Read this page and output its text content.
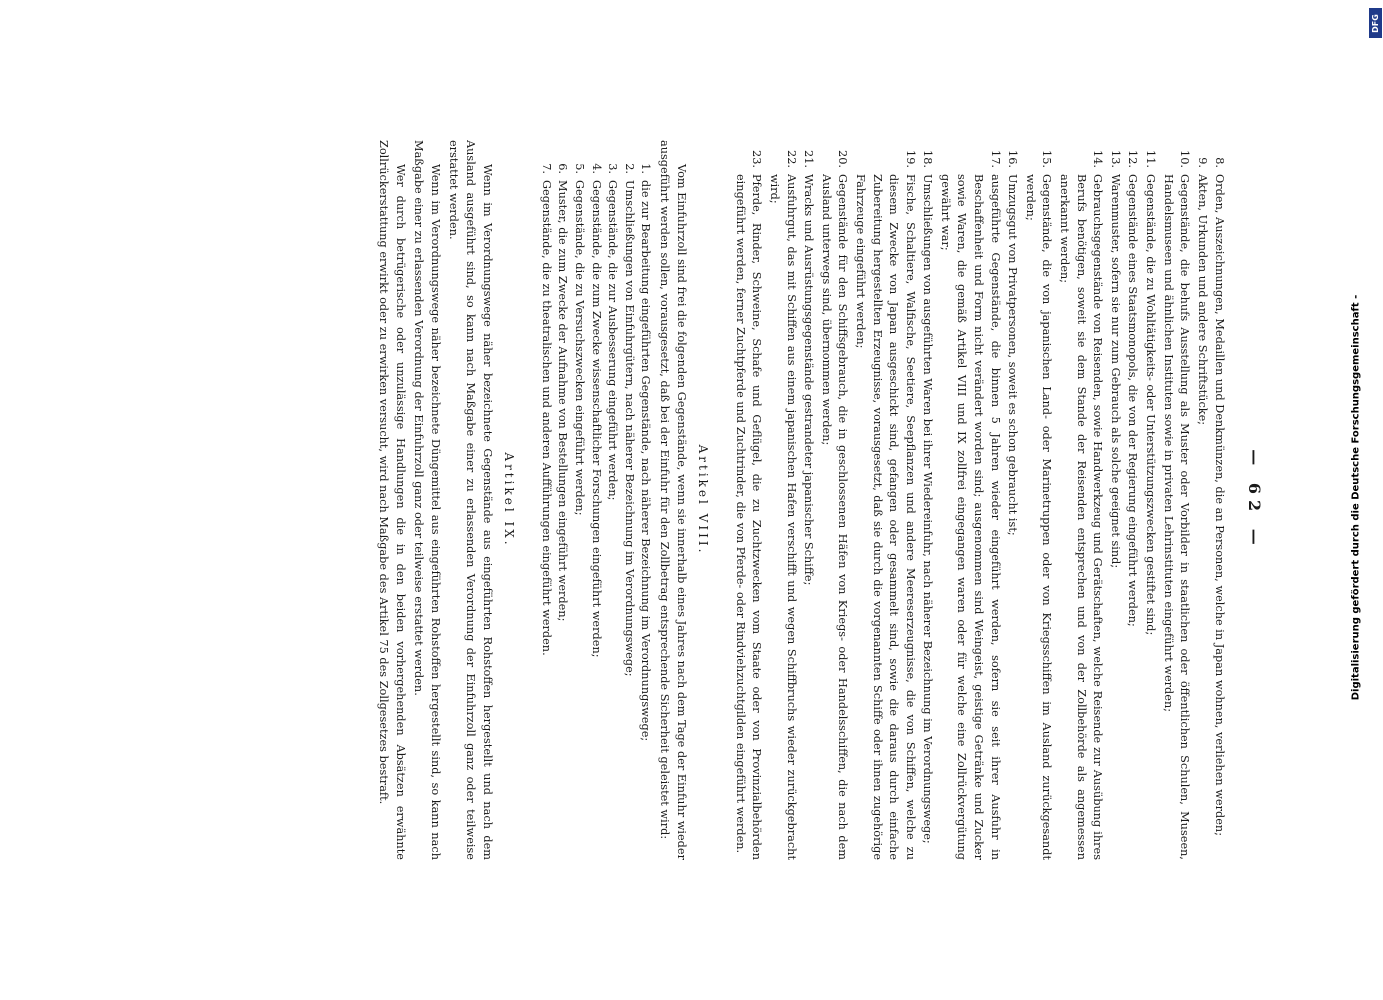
— 62 —
8.
Orden, Auszeichnungen, Medaillen und Denkmünzen, die an Personen, welche in Japan wohnen, verliehen werden;
9.
Akten, Urkunden und andere Schriftstücke;
10.
Gegenstände, die behufs Ausstellung als Muster oder Vorbilder in staatlichen oder öffentlichen Schulen, Museen, Handelsmuseen und ähnlichen Instituten sowie in privaten Lehrinstituten eingeführt werden;
11.
Gegenstände, die zu Wohltätigkeits- oder Unterstützungszwecken gestiftet sind;
12.
Gegenstände eines Staatsmonopols, die von der Regierung eingeführt werden;
13.
Warenmuster, sofern sie nur zum Gebrauch als solche geeignet sind;
14.
Gebrauchsgegenstände von Reisenden, sowie Handwerkzeug und Gerätschaften, welche Reisende zur Ausübung ihres Berufs benötigen, soweit sie dem Stande der Reisenden entsprechen und von der Zollbehörde als angemessen anerkannt werden;
15.
Gegenstände, die von japanischen Land- oder Marinetruppen oder von Kriegsschiffen im Ausland zurückgesandt werden;
16.
Umzugsgut von Privatpersonen, soweit es schon gebraucht ist;
17.
ausgeführte Gegenstände, die binnen 5 Jahren wieder eingeführt werden, sofern sie seit ihrer Ausfuhr in Beschaffenheit und Form nicht verändert worden sind; ausgenommen sind Weingeist, geistige Getränke und Zucker sowie Waren, die gemäß Artikel VIII und IX zollfrei eingegangen waren oder für welche eine Zollrückvergütung gewährt war;
18.
Umschließungen von ausgeführten Waren bei ihrer Wiedereinfuhr, nach näherer Bezeichnung im Verordnungswege;
19.
Fische, Schaltiere, Walfische, Seetiere, Seepflanzen und andere Meereserzeugnisse, die von Schiffen, welche zu diesem Zwecke von Japan ausgeschickt sind, gefangen oder gesammelt sind, sowie die daraus durch einfache Zubereitung hergestellten Erzeugnisse, vorausgesetzt, daß sie durch die vorgenannten Schiffe oder ihnen zugehörige Fahrzeuge eingeführt werden;
20.
Gegenstände für den Schiffsgebrauch, die in geschlossenen Häfen von Kriegs- oder Handelsschiffen, die nach dem Ausland unterwegs sind, übernommen werden;
21.
Wracks und Ausrüstungsgegenstände gestrandeter japanischer Schiffe;
22.
Ausfuhrgut, das mit Schiffen aus einem japanischen Hafen verschifft und wegen Schiffbruchs wieder zurückgebracht wird;
23.
Pferde, Rinder, Schweine, Schafe und Geflügel, die zu Zuchtzwecken vom Staate oder von Provinzialbehörden eingeführt werden, ferner Zuchtpferde und Zuchtrinder, die von Pferde- oder Rindviehzuchtgilden eingeführt werden.
Artikel VIII.

Vom Einfuhrzoll sind frei die folgenden Gegenstände, wenn sie innerhalb eines Jahres nach dem Tage der Einfuhr wieder ausgeführt werden sollen, vorausgesetzt, daß bei der Einfuhr für den Zollbetrag entsprechende Sicherheit geleistet wird:

1.
die zur Bearbeitung eingeführten Gegenstände, nach näherer Bezeichnung im Verordnungswege;
2.
Umschließungen von Einfuhrgütern, nach näherer Bezeichnung im Verordnungswege;
3.
Gegenstände, die zur Ausbesserung eingeführt werden;
4.
Gegenstände, die zum Zwecke wissenschaftlicher Forschungen eingeführt werden;
5.
Gegenstände, die zu Versuchszwecken eingeführt werden;
6.
Muster, die zum Zwecke der Aufnahme von Bestellungen eingeführt werden;
7.
Gegenstände, die zu theatralischen und anderen Aufführungen eingeführt werden.
Artikel IX.

Wenn im Verordnungswege näher bezeichnete Gegenstände aus eingeführten Rohstoffen hergestellt und nach dem Ausland ausgeführt sind, so kann nach Maßgabe einer zu erlassenden Verordnung der Einfuhrzoll ganz oder teilweise erstattet werden.

Wenn im Verordnungswege näher bezeichnete Düngemittel aus eingeführten Rohstoffen hergestellt sind, so kann nach Maßgabe einer zu erlassenden Verordnung der Einfuhrzoll ganz oder teilweise erstattet werden.

Wer durch betrügerische oder unzulässige Handlungen die in den beiden vorhergehenden Absätzen erwähnte Zollrückerstattung erwirkt oder zu erwirken versucht, wird nach Maßgabe des Artikel 75 des Zollgesetzes bestraft.	Digitalisierung gefördert durch die Deutsche Forschungsgemeinschaft -
DFG
